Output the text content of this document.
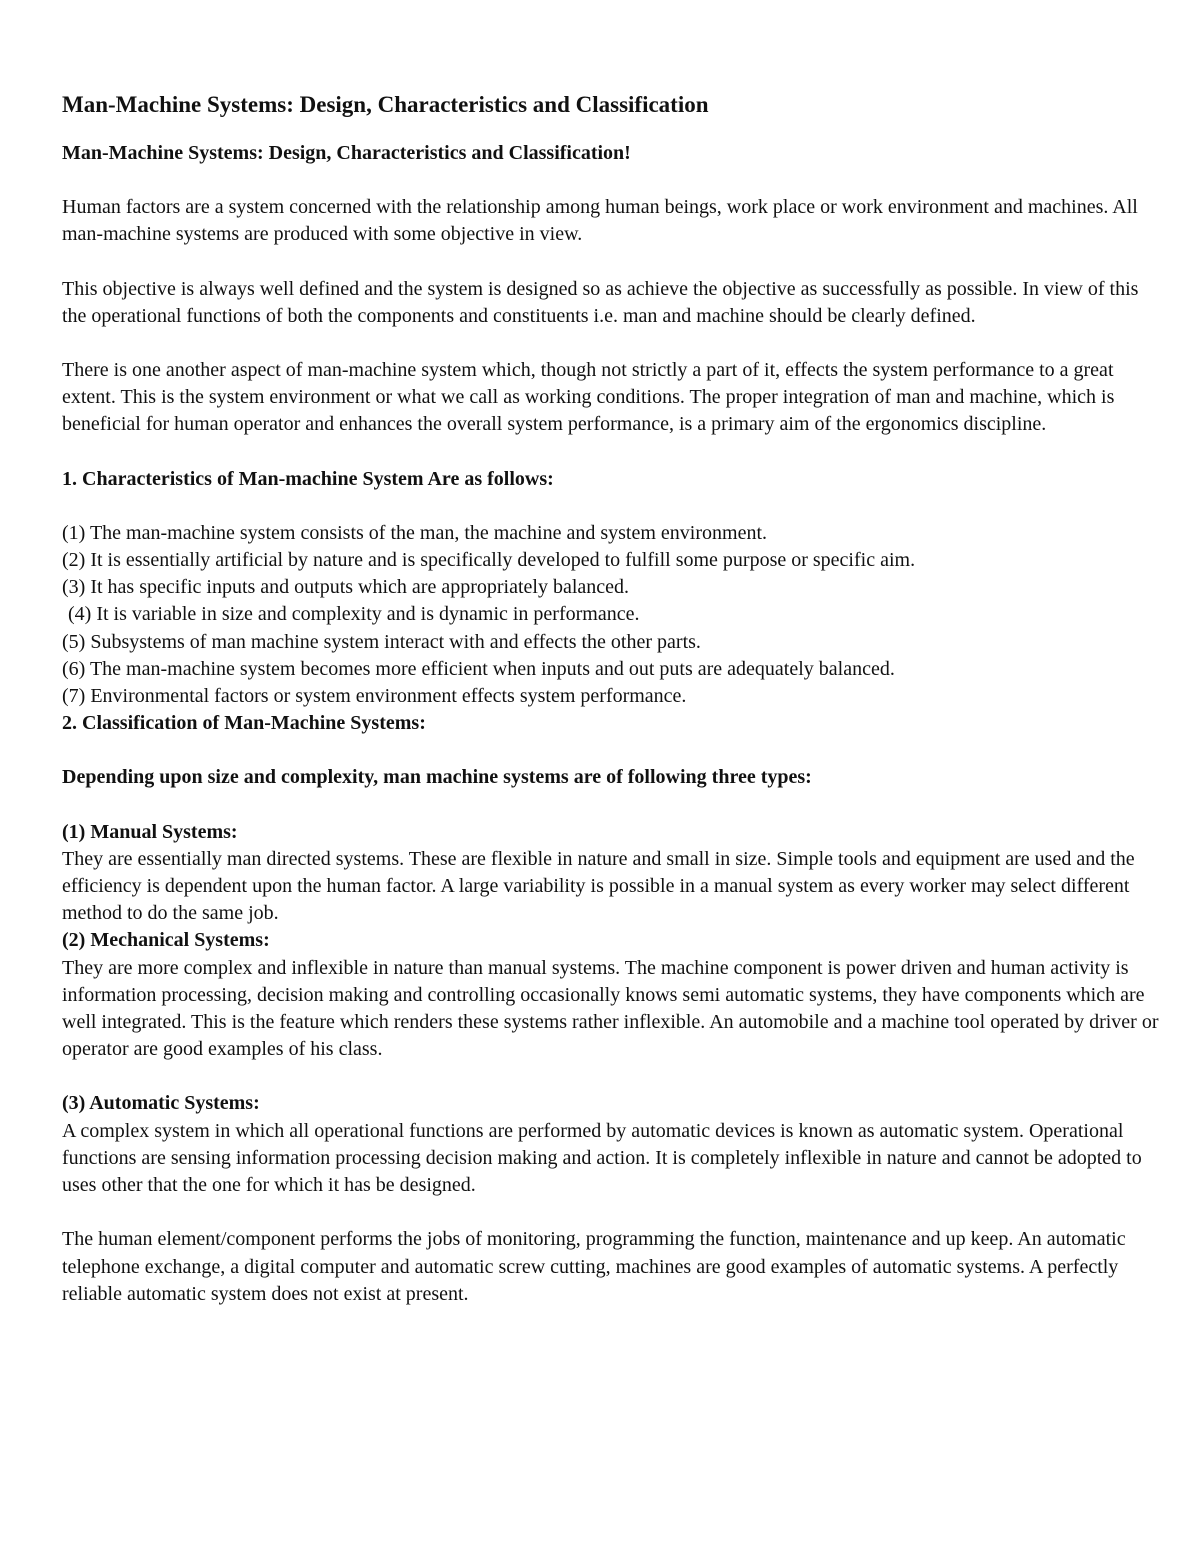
Man-Machine Systems: Design, Characteristics and Classification
Man-Machine Systems: Design, Characteristics and Classification!

Human factors are a system concerned with the relationship among human beings, work place or work environment and machines. All man-machine systems are produced with some objective in view.

This objective is always well defined and the system is designed so as achieve the objective as successfully as possible. In view of this the operational functions of both the components and constituents i.e. man and machine should be clearly defined.

There is one another aspect of man-machine system which, though not strictly a part of it, effects the system performance to a great extent. This is the system environment or what we call as working conditions. The proper integration of man and machine, which is beneficial for human operator and enhances the overall system performance, is a primary aim of the ergonomics discipline.

1. Characteristics of Man-machine System Are as follows:
(1) The man-machine system consists of the man, the machine and system environment.
(2) It is essentially artificial by nature and is specifically developed to fulfill some purpose or specific aim.
(3) It has specific inputs and outputs which are appropriately balanced.
(4) It is variable in size and complexity and is dynamic in performance.
(5) Subsystems of man machine system interact with and effects the other parts.
(6) The man-machine system becomes more efficient when inputs and out puts are adequately balanced.
(7) Environmental factors or system environment effects system performance.
2. Classification of Man-Machine Systems:
Depending upon size and complexity, man machine systems are of following three types:
(1) Manual Systems:
They are essentially man directed systems. These are flexible in nature and small in size. Simple tools and equipment are used and the efficiency is dependent upon the human factor. A large variability is possible in a manual system as every worker may select different method to do the same job.
(2) Mechanical Systems:
They are more complex and inflexible in nature than manual systems. The machine component is power driven and human activity is information processing, decision making and controlling occasionally knows semi automatic systems, they have components which are well integrated. This is the feature which renders these systems rather inflexible. An automobile and a machine tool operated by driver or operator are good examples of his class.
(3) Automatic Systems:
A complex system in which all operational functions are performed by automatic devices is known as automatic system. Operational functions are sensing information processing decision making and action. It is completely inflexible in nature and cannot be adopted to uses other that the one for which it has be designed.
The human element/component performs the jobs of monitoring, programming the function, maintenance and up keep. An automatic telephone exchange, a digital computer and automatic screw cutting, machines are good examples of automatic systems. A perfectly reliable automatic system does not exist at present.
